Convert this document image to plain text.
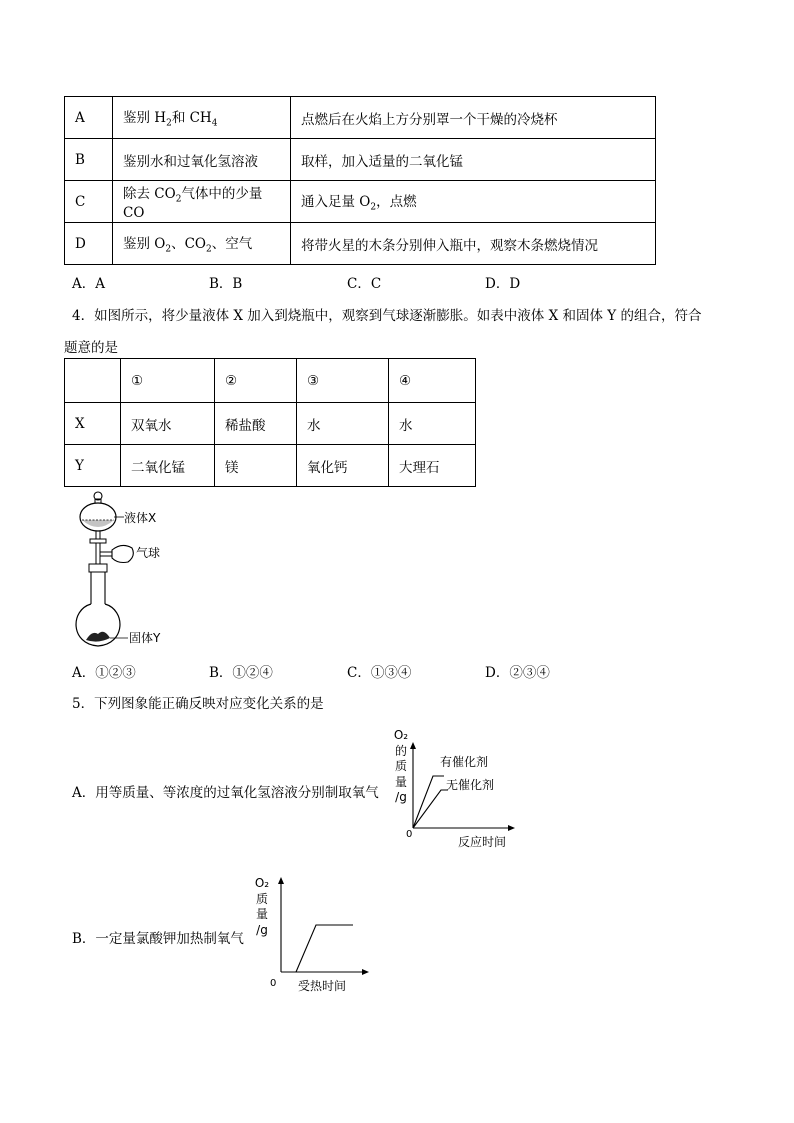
A	鉴别 $H_2$和 $CH_4$	点燃后在火焰上方分别罩一个干燥的冷烧杯
B	鉴别水和过氧化氢溶液	取样，加入适量的二氧化锰
C	除去 $CO_2$气体中的少量 CO	通入足量 $O_2$，点燃
D	鉴别 $O_2$、$CO_2$、空气	将带火星的木条分别伸入瓶中，观察木条燃烧情况
A．A	B．B	C．C	D．D
4．如图所示，将少量液体 X 加入到烧瓶中，观察到气球逐渐膨胀。如表中液体 X 和固体 Y 的组合，符合
题意的是
	①	②	③	④
X	双氧水	稀盐酸	水	水
Y	二氧化锰	镁	氧化钙	大理石
液体X
气球
固体Y
A．①②③	B．①②④	C．①③④	D．②③④
5．下列图象能正确反映对应变化关系的是
A．用等质量、等浓度的过氧化氢溶液分别制取氧气
O₂
的
质
量
/g
有催化剂
无催化剂
0
反应时间
B．一定量氯酸钾加热制氧气
O₂
质
量
/g
0 受热时间
